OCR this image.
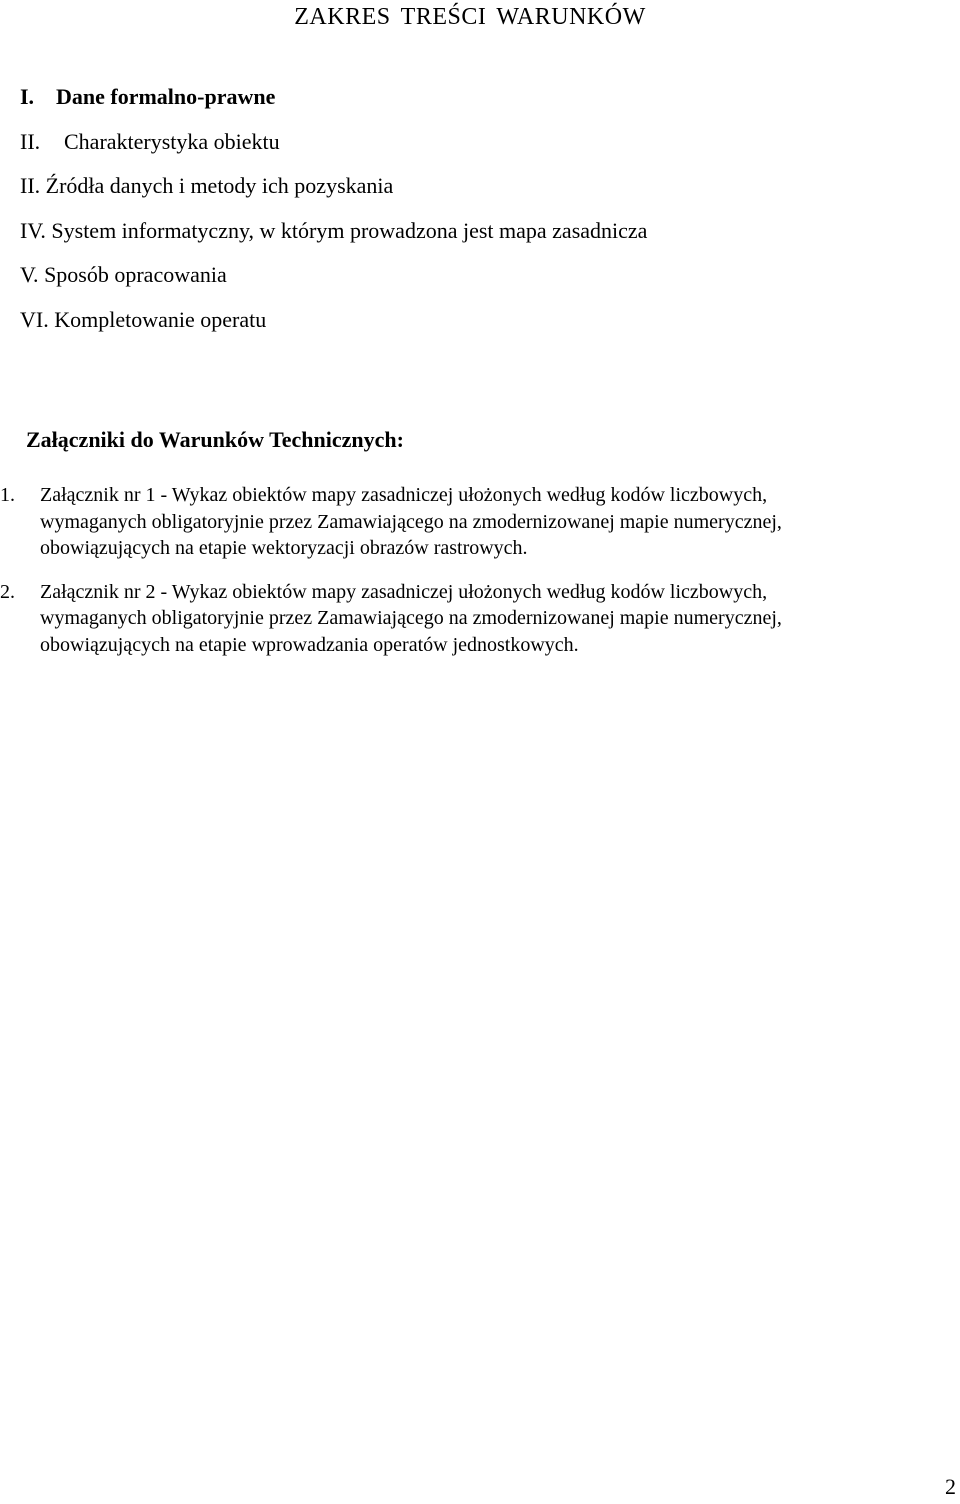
ZAKRES TREŚCI WARUNKÓW
I. Dane formalno-prawne
II. Charakterystyka obiektu
II. Źródła danych i metody ich pozyskania
IV. System informatyczny, w którym prowadzona jest mapa zasadnicza
V. Sposób opracowania
VI. Kompletowanie operatu
Załączniki do Warunków Technicznych:
1. Załącznik nr 1 - Wykaz obiektów mapy zasadniczej ułożonych według kodów liczbowych,
wymaganych obligatoryjnie przez Zamawiającego na zmodernizowanej mapie numerycznej,
obowiązujących na etapie wektoryzacji obrazów rastrowych.
2. Załącznik nr 2 - Wykaz obiektów mapy zasadniczej ułożonych według kodów liczbowych,
wymaganych obligatoryjnie przez Zamawiającego na zmodernizowanej mapie numerycznej,
obowiązujących na etapie wprowadzania operatów jednostkowych.
2
